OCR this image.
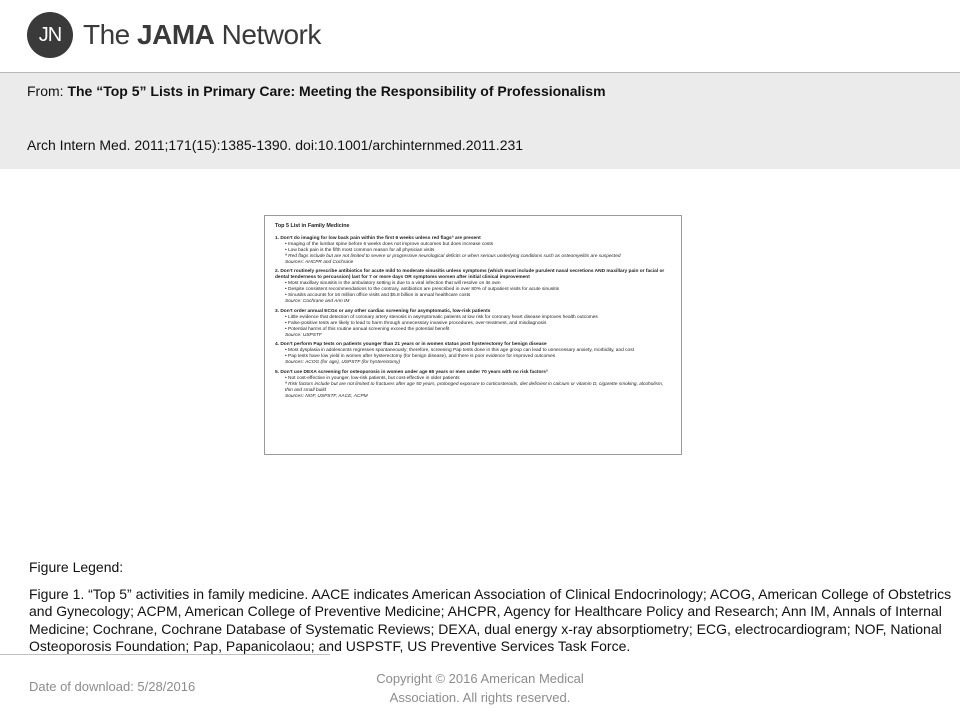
JN The JAMA Network
From: The “Top 5” Lists in Primary Care: Meeting the Responsibility of Professionalism
Arch Intern Med. 2011;171(15):1385-1390. doi:10.1001/archinternmed.2011.231
Top 5 List in Family Medicine
1. Don’t do imaging for low back pain within the first 6 weeks unless red flagsª are present
• Imaging of the lumbar spine before 6 weeks does not improve outcomes but does increase costs
• Low back pain is the fifth most common reason for all physician visits
ª Red flags include but are not limited to severe or progressive neurological deficits or when serious underlying conditions such as osteomyelitis are suspected
Sources: AHCPR and Cochrane
2. Don’t routinely prescribe antibiotics for acute mild to moderate sinusitis unless symptoms (which must include purulent nasal secretions AND maxillary pain or facial or dental tenderness to percussion) last for 7 or more days OR symptoms worsen after initial clinical improvement
• Most maxillary sinusitis in the ambulatory setting is due to a viral infection that will resolve on its own
• Despite consistent recommendations to the contrary, antibiotics are prescribed in over 80% of outpatient visits for acute sinusitis
• Sinusitis accounts for 16 million office visits and $5.8 billion in annual healthcare costs
Source: Cochrane and Ann IM
3. Don’t order annual ECGs or any other cardiac screening for asymptomatic, low-risk patients
• Little evidence that detection of coronary artery stenosis in asymptomatic patients at low risk for coronary heart disease improves health outcomes
• False-positive tests are likely to lead to harm through unnecessary invasive procedures, over-treatment, and misdiagnosis
• Potential harms of this routine annual screening exceed the potential benefit
Source: USPSTF
4. Don’t perform Pap tests on patients younger than 21 years or in women status post hysterectomy for benign disease
• Most dysplasia in adolescents regresses spontaneously; therefore, screening Pap tests done in this age group can lead to unnecessary anxiety, morbidity, and cost
• Pap tests have low yield in women after hysterectomy (for benign disease), and there is poor evidence for improved outcomes
Sources: ACOG (for age), USPSTF (for hysterectomy)
5. Don’t use DEXA screening for osteoporosis in women under age 65 years or men under 70 years with no risk factorsª
• Not cost-effective in younger, low-risk patients, but cost-effective in older patients
ª Risk factors include but are not limited to fractures after age 50 years, prolonged exposure to corticosteroids, diet deficient in calcium or vitamin D, cigarette smoking, alcoholism, thin and small build
Sources: NOF, USPSTF, AACE, ACPM
Figure Legend:
Figure 1. “Top 5” activities in family medicine. AACE indicates American Association of Clinical Endocrinology; ACOG, American College of Obstetrics and Gynecology; ACPM, American College of Preventive Medicine; AHCPR, Agency for Healthcare Policy and Research; Ann IM, Annals of Internal Medicine; Cochrane, Cochrane Database of Systematic Reviews; DEXA, dual energy x-ray absorptiometry; ECG, electrocardiogram; NOF, National Osteoporosis Foundation; Pap, Papanicolaou; and USPSTF, US Preventive Services Task Force.
Date of download: 5/28/2016
Copyright © 2016 American Medical
Association. All rights reserved.
